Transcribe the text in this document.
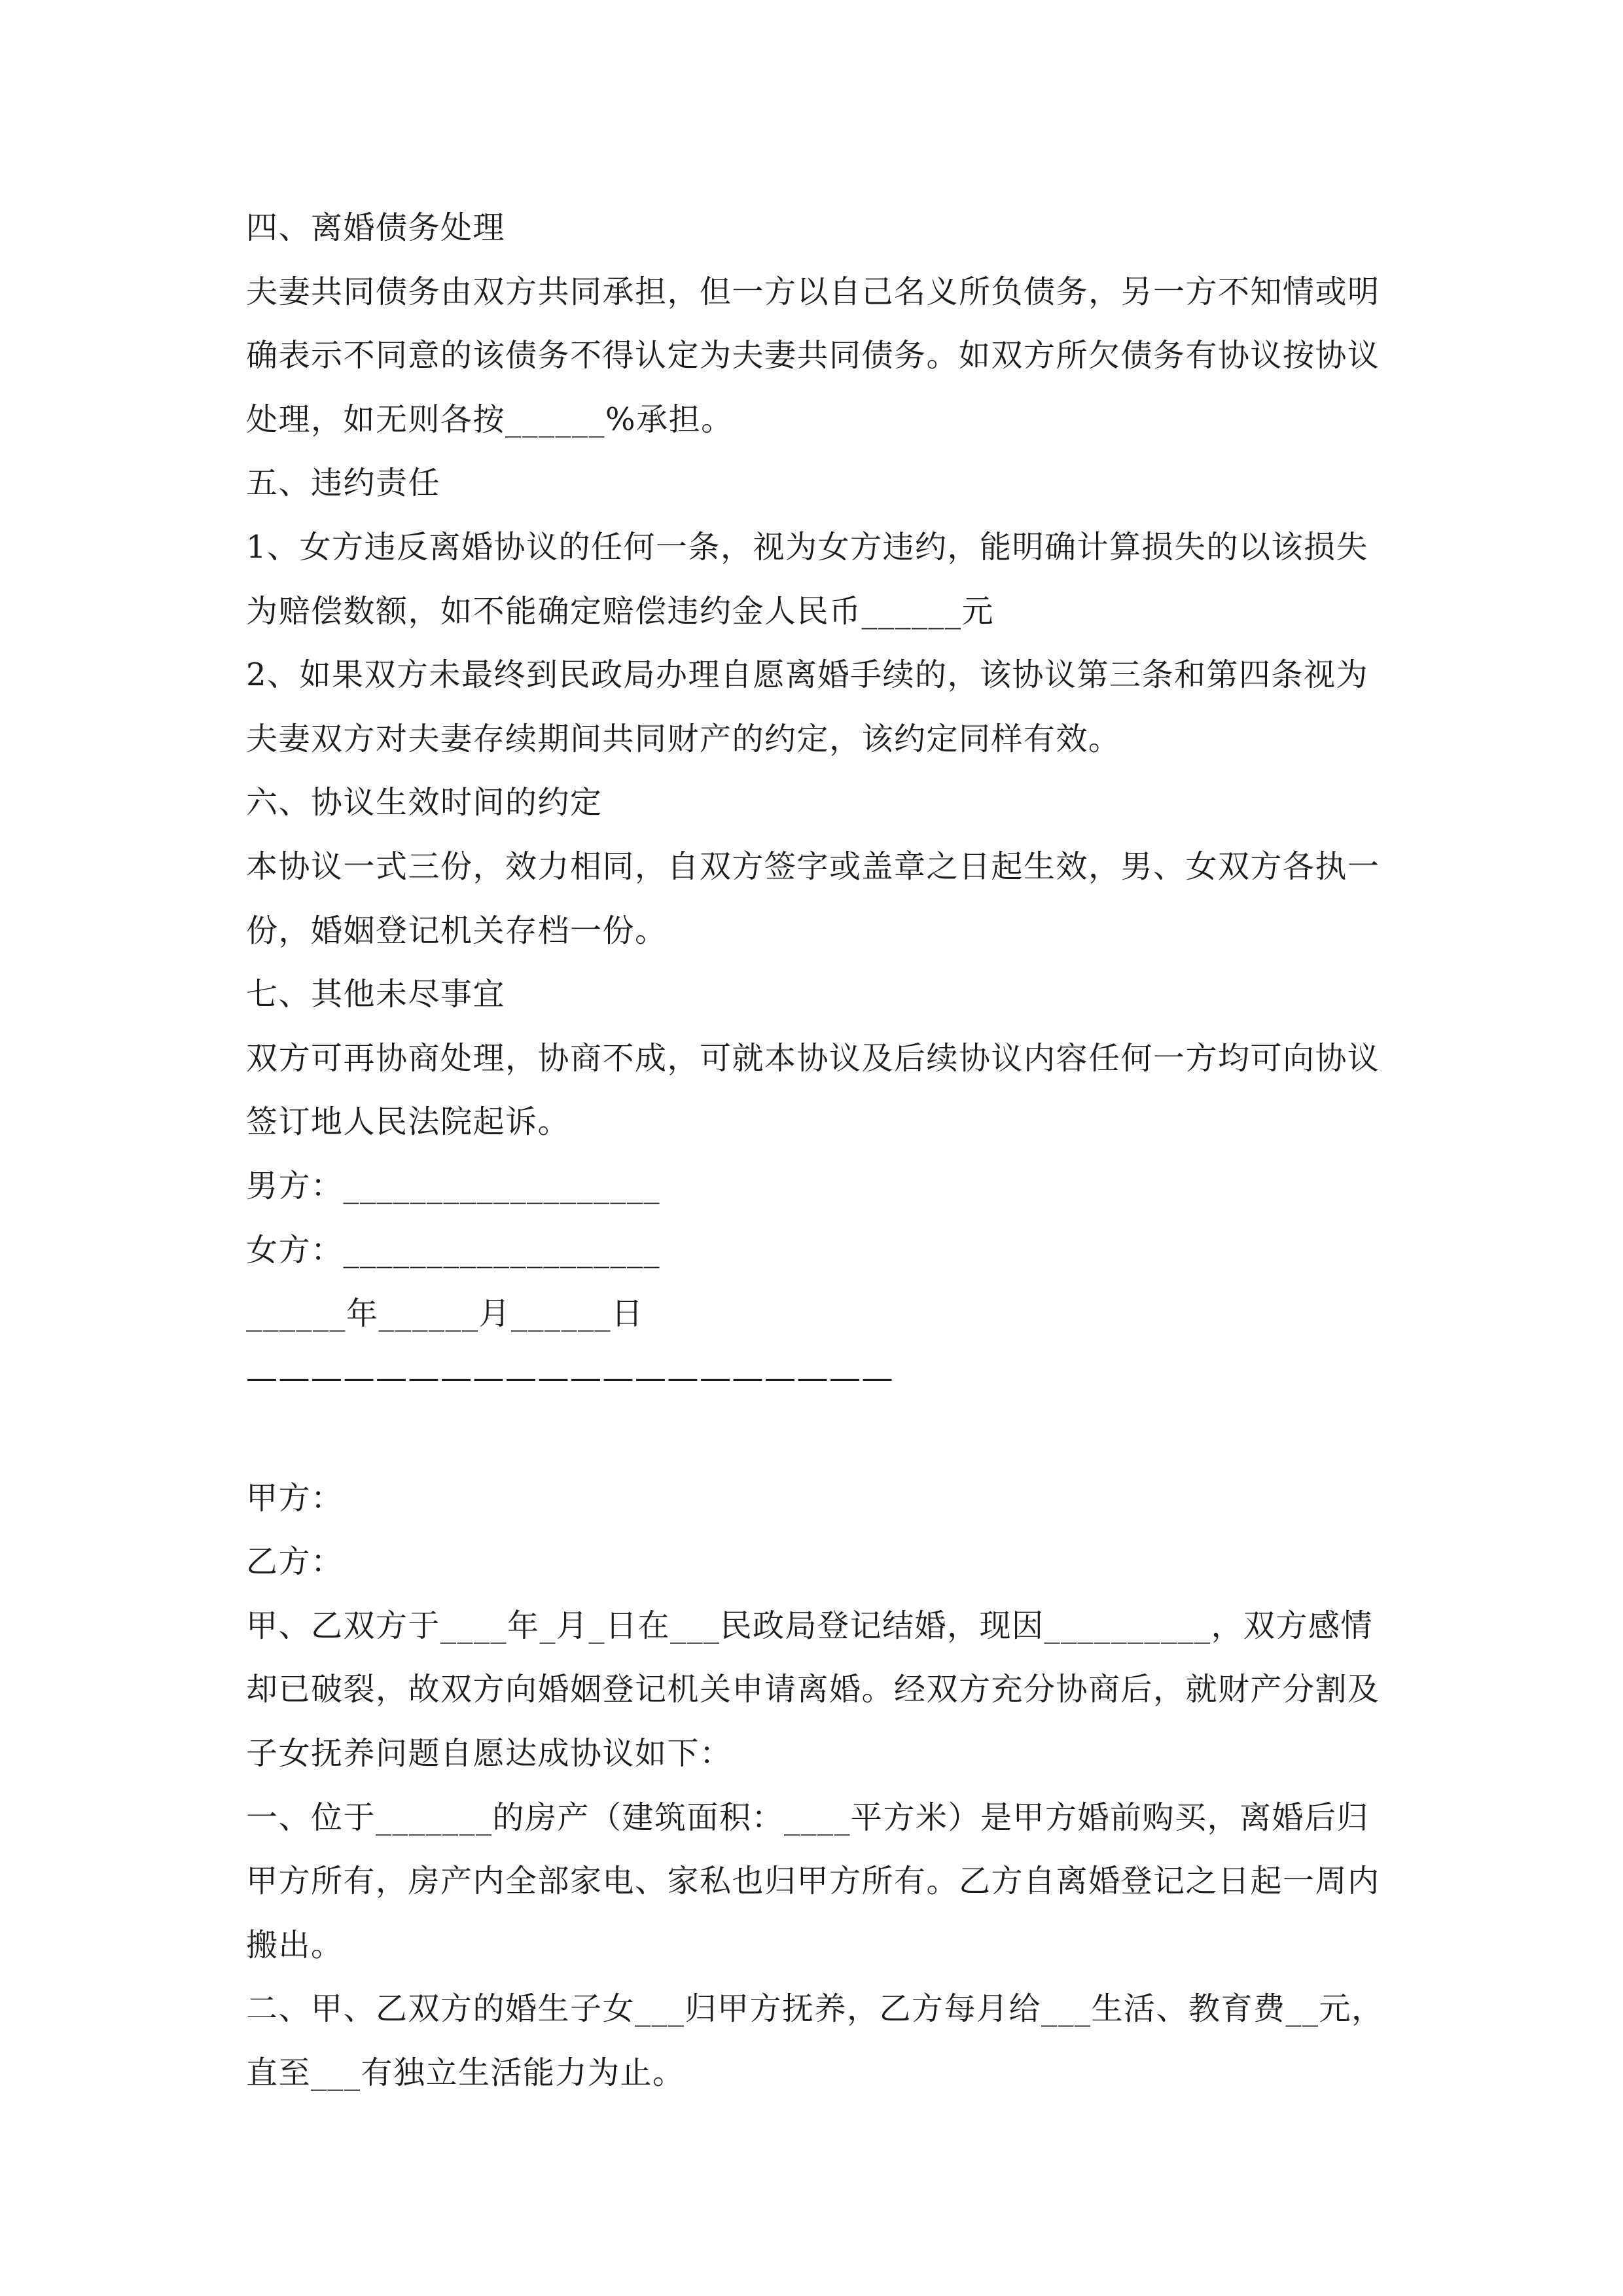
四、离婚债务处理
夫妻共同债务由双方共同承担，但一方以自己名义所负债务，另一方不知情或明
确表示不同意的该债务不得认定为夫妻共同债务。如双方所欠债务有协议按协议
处理，如无则各按______%承担。
五、违约责任
1、女方违反离婚协议的任何一条，视为女方违约，能明确计算损失的以该损失
为赔偿数额，如不能确定赔偿违约金人民币______元
2、如果双方未最终到民政局办理自愿离婚手续的，该协议第三条和第四条视为
夫妻双方对夫妻存续期间共同财产的约定，该约定同样有效。
六、协议生效时间的约定
本协议一式三份，效力相同，自双方签字或盖章之日起生效，男、女双方各执一
份，婚姻登记机关存档一份。
七、其他未尽事宜
双方可再协商处理，协商不成，可就本协议及后续协议内容任何一方均可向协议
签订地人民法院起诉。
男方：___________________
女方：___________________
______年______月______日
————————————————————
甲方：
乙方：
甲、乙双方于____年_月_日在___民政局登记结婚，现因__________，双方感情
却已破裂，故双方向婚姻登记机关申请离婚。经双方充分协商后，就财产分割及
子女抚养问题自愿达成协议如下：
一、位于_______的房产（建筑面积：____平方米）是甲方婚前购买，离婚后归
甲方所有，房产内全部家电、家私也归甲方所有。乙方自离婚登记之日起一周内
搬出。
二、甲、乙双方的婚生子女___归甲方抚养，乙方每月给___生活、教育费__元，
直至___有独立生活能力为止。
